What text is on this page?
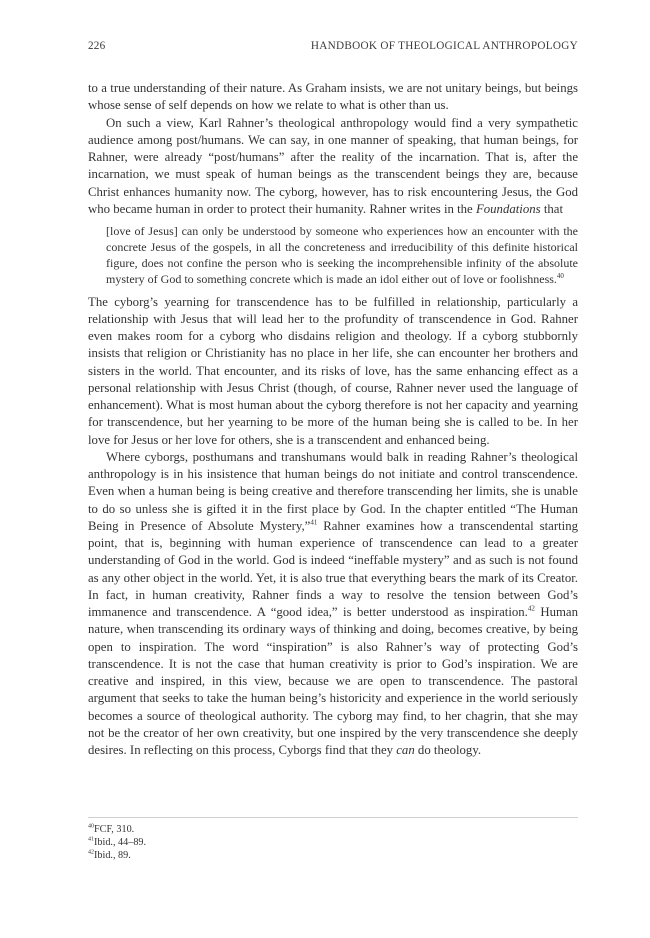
226	HANDBOOK OF THEOLOGICAL ANTHROPOLOGY

to a true understanding of their nature. As Graham insists, we are not unitary beings, but beings whose sense of self depends on how we relate to what is other than us.

On such a view, Karl Rahner’s theological anthropology would find a very sympathetic audience among post/humans. We can say, in one manner of speaking, that human beings, for Rahner, were already “post/humans” after the reality of the incarnation. That is, after the incarnation, we must speak of human beings as the transcendent beings they are, because Christ enhances humanity now. The cyborg, however, has to risk encountering Jesus, the God who became human in order to protect their humanity. Rahner writes in the Foundations that

[love of Jesus] can only be understood by someone who experiences how an encounter with the concrete Jesus of the gospels, in all the concreteness and irreducibility of this definite historical figure, does not confine the person who is seeking the incomprehensible infinity of the absolute mystery of God to something concrete which is made an idol either out of love or foolishness.$^{40}$

The cyborg’s yearning for transcendence has to be fulfilled in relationship, particularly a relationship with Jesus that will lead her to the profundity of transcendence in God. Rahner even makes room for a cyborg who disdains religion and theology. If a cyborg stubbornly insists that religion or Christianity has no place in her life, she can encounter her brothers and sisters in the world. That encounter, and its risks of love, has the same enhancing effect as a personal relationship with Jesus Christ (though, of course, Rahner never used the language of enhancement). What is most human about the cyborg therefore is not her capacity and yearning for transcendence, but her yearning to be more of the human being she is called to be. In her love for Jesus or her love for others, she is a transcendent and enhanced being.

Where cyborgs, posthumans and transhumans would balk in reading Rahner’s theological anthropology is in his insistence that human beings do not initiate and control transcendence. Even when a human being is being creative and therefore transcending her limits, she is unable to do so unless she is gifted it in the first place by God. In the chapter entitled “The Human Being in Presence of Absolute Mystery,”$^{41}$ Rahner examines how a transcendental starting point, that is, beginning with human experience of transcendence can lead to a greater understanding of God in the world. God is indeed “ineffable mystery” and as such is not found as any other object in the world. Yet, it is also true that everything bears the mark of its Creator. In fact, in human creativity, Rahner finds a way to resolve the tension between God’s immanence and transcendence. A “good idea,” is better understood as inspiration.$^{42}$ Human nature, when transcending its ordinary ways of thinking and doing, becomes creative, by being open to inspiration. The word “inspiration” is also Rahner’s way of protecting God’s transcendence. It is not the case that human creativity is prior to God’s inspiration. We are creative and inspired, in this view, because we are open to transcendence. The pastoral argument that seeks to take the human being’s historicity and experience in the world seriously becomes a source of theological authority. The cyborg may find, to her chagrin, that she may not be the creator of her own creativity, but one inspired by the very transcendence she deeply desires. In reflecting on this process, Cyborgs find that they can do theology.

$^{40}$FCF, 310.
$^{41}$Ibid., 44–89.
$^{42}$Ibid., 89.
